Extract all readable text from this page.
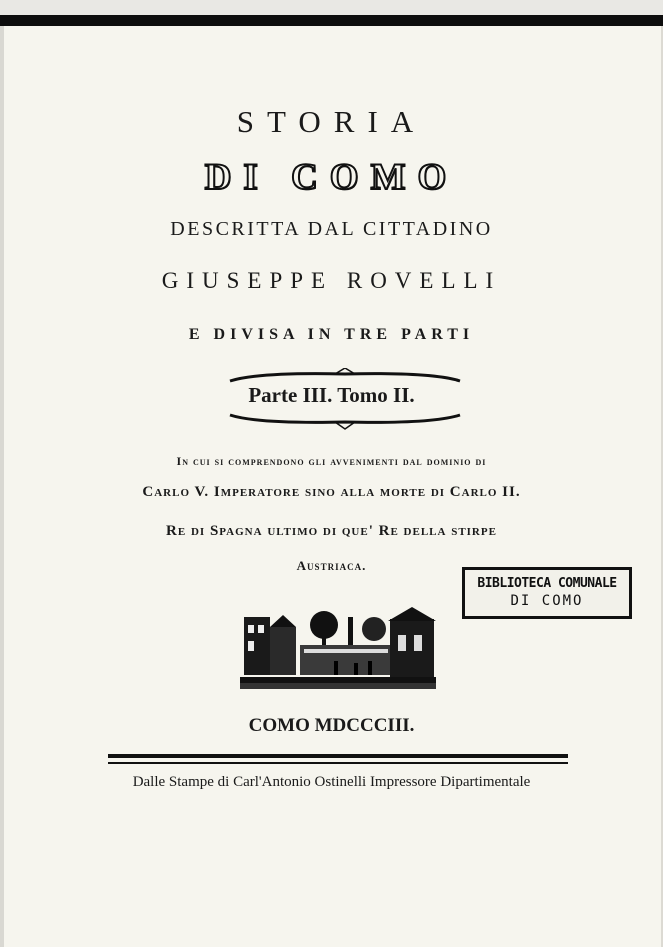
STORIA
DI COMO
DESCRITTA DAL CITTADINO
GIUSEPPE ROVELLI
E DIVISA IN TRE PARTI
Parte III. Tomo II.
In cui si comprendono gli avvenimenti dal dominio di
Carlo V. Imperatore sino alla morte di Carlo II.
Re di Spagna ultimo di que' Re della stirpe
Austriaca.
BIBLIOTECA COMUNALE
DI COMO
COMO MDCCCIII.
Dalle Stampe di Carl'Antonio Ostinelli Impressore Dipartimentale
